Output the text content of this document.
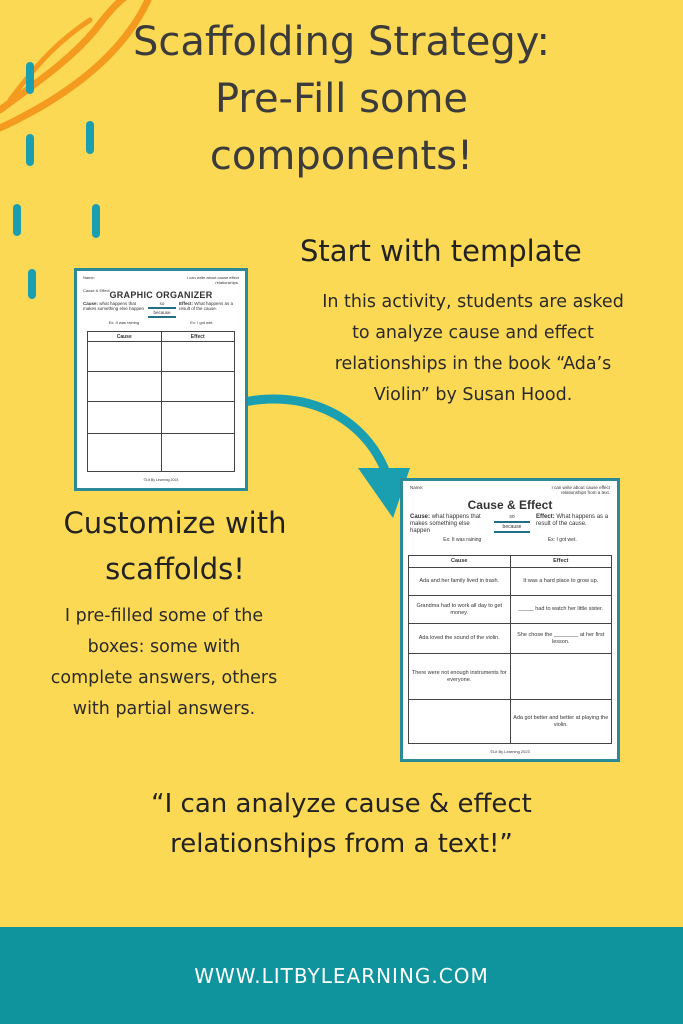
Scaffolding Strategy:
Pre-Fill some
components!
Start with template

In this activity, students are asked
to analyze cause and effect
relationships in the book “Ada’s
Violin” by Susan Hood.

Name:	I can write about cause effect relationships.
Cause & Effect GRAPHIC ORGANIZER
Cause: what happens that makes something else happen
so
because
Effect: What happens as a result of the cause.
Ex: It was raining	Ex: I got wet.
Cause	Effect

©Lit By Learning 2023
Customize with
scaffolds!

I pre-filled some of the
boxes: some with
complete answers, others
with partial answers.

Name:	I can write about cause effect relationships from a text.
Cause & Effect
Cause: what happens that makes something else happen
so
because
Effect: What happens as a result of the cause.
Ex: It was raining	Ex: I got wet.
Cause	Effect
Ada and her family lived in trash.	It was a hard place to grow up.
Grandma had to work all day to get money.	_____ had to watch her little sister.
Ada loved the sound of the violin.	She chose the ________ at her first lesson.
There were not enough instruments for everyone.	
	Ada got better and better at playing the violin.
©Lit By Learning 2023

“I can analyze cause & effect
relationships from a text!”

WWW.LITBYLEARNING.COM
